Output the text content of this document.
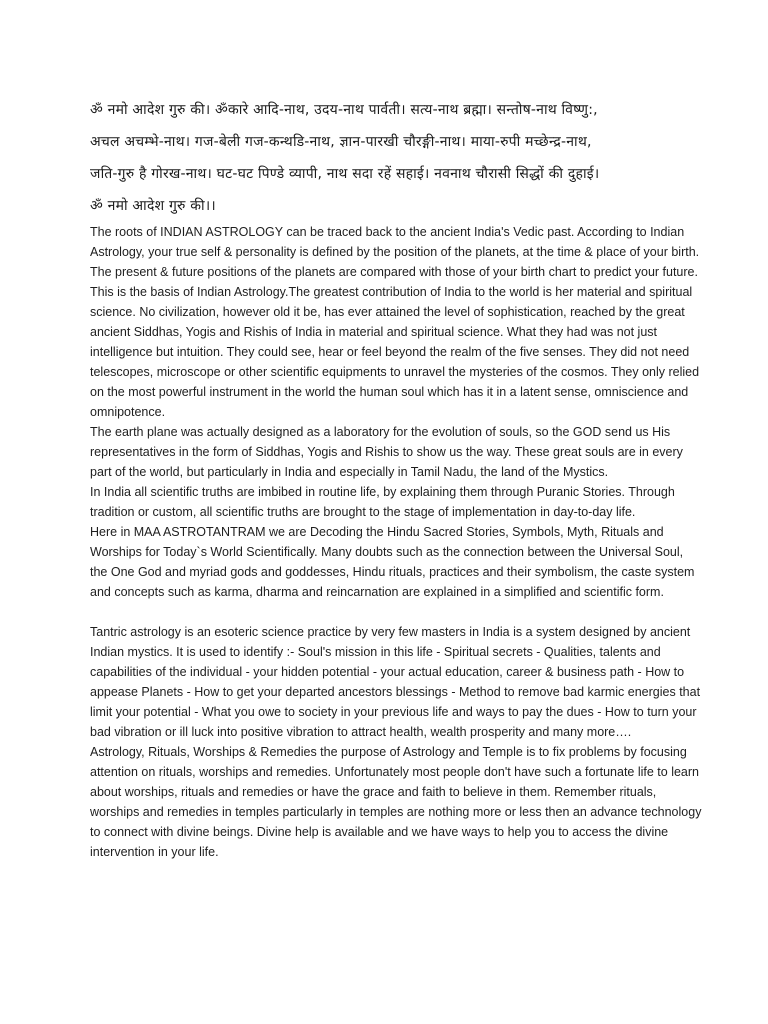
ॐ नमो आदेश गुरु की। ॐकारे आदि-नाथ, उदय-नाथ पार्वती। सत्य-नाथ ब्रह्मा। सन्तोष-नाथ विष्णु:,
अचल अचम्भे-नाथ। गज-बेली गज-कन्थडि-नाथ, ज्ञान-पारखी चौरङ्गी-नाथ। माया-रुपी मच्छेन्द्र-नाथ,
जति-गुरु है गोरख-नाथ। घट-घट पिण्डे व्यापी, नाथ सदा रहें सहाई। नवनाथ चौरासी सिद्धों की दुहाई।
ॐ नमो आदेश गुरु की।।

The roots of INDIAN ASTROLOGY can be traced back to the ancient India's Vedic past. According to Indian Astrology, your true self & personality is defined by the position of the planets, at the time & place of your birth. The present & future positions of the planets are compared with those of your birth chart to predict your future. This is the basis of Indian Astrology.The greatest contribution of India to the world is her material and spiritual science. No civilization, however old it be, has ever attained the level of sophistication, reached by the great ancient Siddhas, Yogis and Rishis of India in material and spiritual science. What they had was not just intelligence but intuition. They could see, hear or feel beyond the realm of the five senses. They did not need telescopes, microscope or other scientific equipments to unravel the mysteries of the cosmos. They only relied on the most powerful instrument in the world the human soul which has it in a latent sense, omniscience and omnipotence.

The earth plane was actually designed as a laboratory for the evolution of souls, so the GOD send us His representatives in the form of Siddhas, Yogis and Rishis to show us the way. These great souls are in every part of the world, but particularly in India and especially in Tamil Nadu, the land of the Mystics.

In India all scientific truths are imbibed in routine life, by explaining them through Puranic Stories. Through tradition or custom, all scientific truths are brought to the stage of implementation in day-to-day life.

Here in MAA ASTROTANTRAM we are Decoding the Hindu Sacred Stories, Symbols, Myth, Rituals and Worships for Today`s World Scientifically. Many doubts such as the connection between the Universal Soul, the One God and myriad gods and goddesses, Hindu rituals, practices and their symbolism, the caste system and concepts such as karma, dharma and reincarnation are explained in a simplified and scientific form.

Tantric astrology is an esoteric science practice by very few masters in India is a system designed by ancient Indian mystics. It is used to identify :- Soul's mission in this life - Spiritual secrets - Qualities, talents and capabilities of the individual - your hidden potential - your actual education, career & business path - How to appease Planets - How to get your departed ancestors blessings - Method to remove bad karmic energies that limit your potential - What you owe to society in your previous life and ways to pay the dues - How to turn your bad vibration or ill luck into positive vibration to attract health, wealth prosperity and many more….

Astrology, Rituals, Worships & Remedies the purpose of Astrology and Temple is to fix problems by focusing attention on rituals, worships and remedies. Unfortunately most people don't have such a fortunate life to learn about worships, rituals and remedies or have the grace and faith to believe in them. Remember rituals, worships and remedies in temples particularly in temples are nothing more or less then an advance technology to connect with divine beings. Divine help is available and we have ways to help you to access the divine intervention in your life.
